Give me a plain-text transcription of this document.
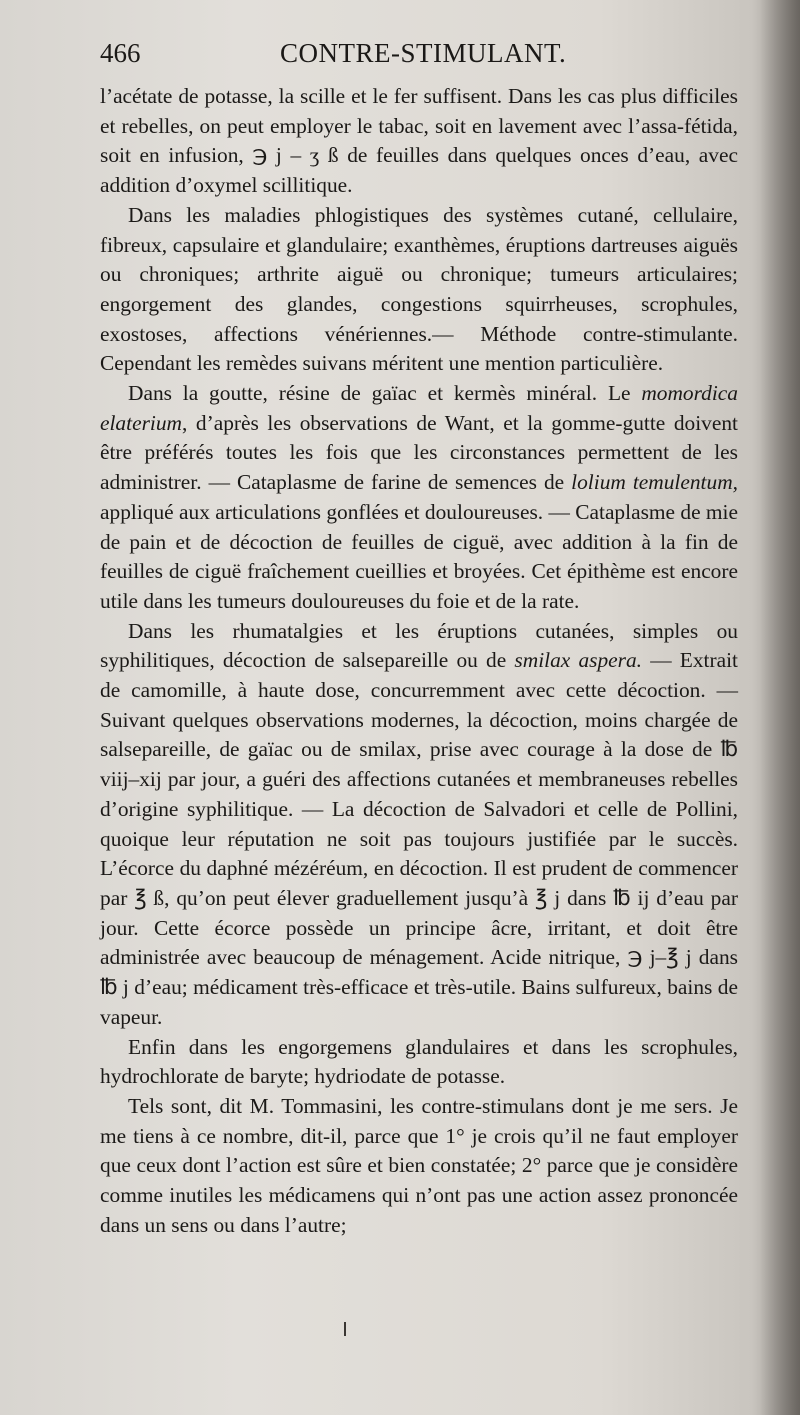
466	CONTRE-STIMULANT.

l’acétate de potasse, la scille et le fer suffisent. Dans les cas plus difficiles et rebelles, on peut employer le tabac, soit en lavement avec l’assa-fétida, soit en infusion, ℈ j – ʒ ß de feuilles dans quelques onces d’eau, avec addition d’oxymel scillitique.

Dans les maladies phlogistiques des systèmes cutané, cellulaire, fibreux, capsulaire et glandulaire; exanthèmes, éruptions dartreuses aiguës ou chroniques; arthrite aiguë ou chronique; tumeurs articulaires; engorgement des glandes, congestions squirrheuses, scrophules, exostoses, affections vénériennes.— Méthode contre-stimulante. Cependant les remèdes suivans méritent une mention particulière.

Dans la goutte, résine de gaïac et kermès minéral. Le momordica elaterium, d’après les observations de Want, et la gomme-gutte doivent être préférés toutes les fois que les circonstances permettent de les administrer. — Cataplasme de farine de semences de lolium temulentum, appliqué aux articulations gonflées et douloureuses. — Cataplasme de mie de pain et de décoction de feuilles de ciguë, avec addition à la fin de feuilles de ciguë fraîchement cueillies et broyées. Cet épithème est encore utile dans les tumeurs douloureuses du foie et de la rate.

Dans les rhumatalgies et les éruptions cutanées, simples ou syphilitiques, décoction de salsepareille ou de smilax aspera. — Extrait de camomille, à haute dose, concurremment avec cette décoction. — Suivant quelques observations modernes, la décoction, moins chargée de salsepareille, de gaïac ou de smilax, prise avec courage à la dose de ℔ viij–xij par jour, a guéri des affections cutanées et membraneuses rebelles d’origine syphilitique. — La décoction de Salvadori et celle de Pollini, quoique leur réputation ne soit pas toujours justifiée par le succès. L’écorce du daphné mézéréum, en décoction. Il est prudent de commencer par ℥ ß, qu’on peut élever graduellement jusqu’à ℥ j dans ℔ ij d’eau par jour. Cette écorce possède un principe âcre, irritant, et doit être administrée avec beaucoup de ménagement. Acide nitrique, ℈ j–℥ j dans ℔ j d’eau; médicament très-efficace et très-utile. Bains sulfureux, bains de vapeur.

Enfin dans les engorgemens glandulaires et dans les scrophules, hydrochlorate de baryte; hydriodate de potasse.

Tels sont, dit M. Tommasini, les contre-stimulans dont je me sers. Je me tiens à ce nombre, dit-il, parce que 1° je crois qu’il ne faut employer que ceux dont l’action est sûre et bien constatée; 2° parce que je considère comme inutiles les médicamens qui n’ont pas une action assez prononcée dans un sens ou dans l’autre;
